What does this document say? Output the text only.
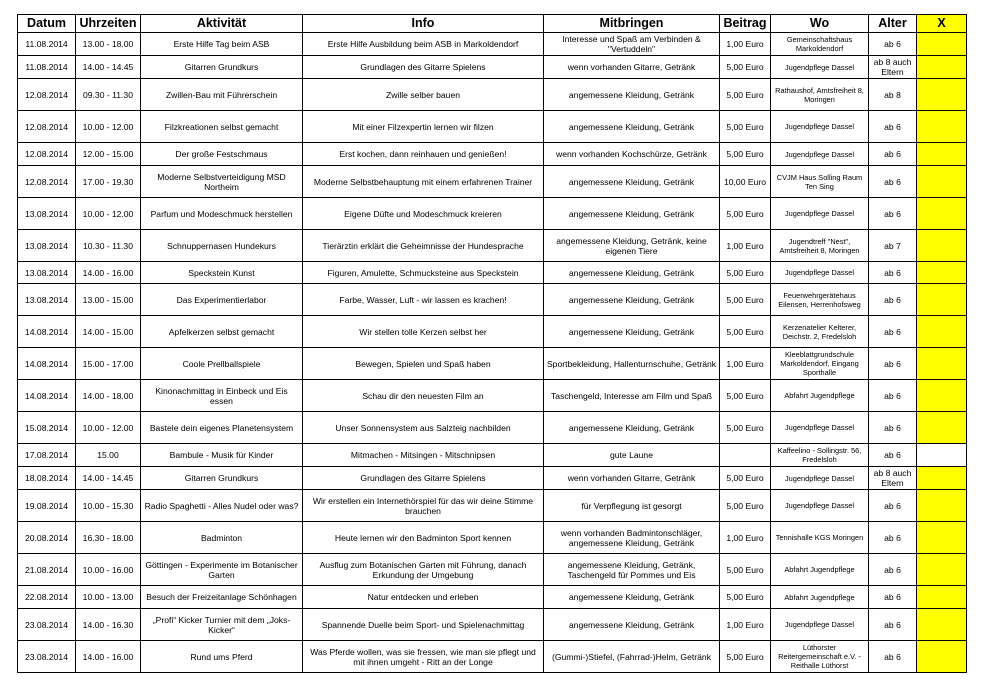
Datum	Uhrzeiten	Aktivität	Info	Mitbringen	Beitrag	Wo	Alter	X
11.08.2014	13.00 - 18.00	Erste Hilfe Tag beim ASB	Erste Hilfe Ausbildung beim ASB in Markoldendorf	Interesse und Spaß am Verbinden & "Vertuddeln"	1,00 Euro	Gemeinschaftshaus Markoldendorf	ab 6	
11.08.2014	14.00 - 14.45	Gitarren Grundkurs	Grundlagen des Gitarre Spielens	wenn vorhanden Gitarre, Getränk	5,00 Euro	Jugendpflege Dassel	ab 8 auch Eltern	
12.08.2014	09.30 - 11.30	Zwillen-Bau mit Führerschein	Zwille selber bauen	angemessene Kleidung, Getränk	5,00 Euro	Rathaushof, Amtsfreiheit 8, Moringen	ab 8	
12.08.2014	10.00 - 12.00	Filzkreationen selbst gemacht	Mit einer Filzexpertin lernen wir filzen	angemessene Kleidung, Getränk	5,00 Euro	Jugendpflege Dassel	ab 6	
12.08.2014	12.00 - 15.00	Der große Festschmaus	Erst kochen, dann reinhauen und genießen!	wenn vorhanden Kochschürze, Getränk	5,00 Euro	Jugendpflege Dassel	ab 6	
12.08.2014	17.00 - 19.30	Moderne Selbstverteidigung MSD Northeim	Moderne Selbstbehauptung mit einem erfahrenen Trainer	angemessene Kleidung, Getränk	10,00 Euro	CVJM Haus Solling Raum Ten Sing	ab 6	
13.08.2014	10.00 - 12.00	Parfum und Modeschmuck herstellen	Eigene Düfte und Modeschmuck kreieren	angemessene Kleidung, Getränk	5,00 Euro	Jugendpflege Dassel	ab 6	
13.08.2014	10.30 - 11.30	Schnuppernasen Hundekurs	Tierärztin erklärt die Geheimnisse der Hundesprache	angemessene Kleidung, Getränk, keine eigenen Tiere	1,00 Euro	Jugendtreff "Nest", Amtsfreiheit 8, Moringen	ab 7	
13.08.2014	14.00 - 16.00	Speckstein Kunst	Figuren, Amulette, Schmucksteine aus Speckstein	angemessene Kleidung, Getränk	5,00 Euro	Jugendpflege Dassel	ab 6	
13.08.2014	13.00 - 15.00	Das Experimentierlabor	Farbe, Wasser, Luft - wir lassen es krachen!	angemessene Kleidung, Getränk	5,00 Euro	Feuerwehrgerätehaus Eilensen, Herrenhofsweg	ab 6	
14.08.2014	14.00 - 15.00	Apfelkerzen selbst gemacht	Wir stellen tolle Kerzen selbst her	angemessene Kleidung, Getränk	5,00 Euro	Kerzenatelier Kelterer, Deichstr. 2, Fredelsloh	ab 6	
14.08.2014	15.00 - 17.00	Coole Prellballspiele	Bewegen, Spielen und Spaß haben	Sportbekleidung, Hallenturnschuhe, Getränk	1,00 Euro	Kleeblattgrundschule Markoldendorf, Eingang Sporthalle	ab 6	
14.08.2014	14.00 - 18.00	Kinonachmittag in Einbeck und Eis essen	Schau dir den neuesten Film an	Taschengeld, Interesse am Film und Spaß	5,00 Euro	Abfahrt Jugendpflege	ab 6	
15.08.2014	10.00 - 12.00	Bastele dein eigenes Planetensystem	Unser Sonnensystem aus Salzteig nachbilden	angemessene Kleidung, Getränk	5,00 Euro	Jugendpflege Dassel	ab 6	
17.08.2014	15.00	Bambule - Musik für Kinder	Mitmachen - Mitsingen - Mitschnipsen	gute Laune		Kaffeelino - Sollingstr. 56, Fredelsloh	ab 6	
18.08.2014	14.00 - 14.45	Gitarren Grundkurs	Grundlagen des Gitarre Spielens	wenn vorhanden Gitarre, Getränk	5,00 Euro	Jugendpflege Dassel	ab 8 auch Eltern	
19.08.2014	10.00 - 15.30	Radio Spaghetti - Alles Nudel oder was?	Wir erstellen ein Internethörspiel für das wir deine Stimme brauchen	für Verpflegung ist gesorgt	5,00 Euro	Jugendpflege Dassel	ab 6	
20.08.2014	16.30 - 18.00	Badminton	Heute lernen wir den Badminton Sport kennen	wenn vorhanden Badmintonschläger, angemessene Kleidung, Getränk	1,00 Euro	Tennishalle KGS Moringen	ab 6	
21.08.2014	10.00 - 16.00	Göttingen - Experimente im Botanischer Garten	Ausflug zum Botanischen Garten mit Führung, danach Erkundung der Umgebung	angemessene Kleidung, Getränk, Taschengeld für Pommes und Eis	5,00 Euro	Abfahrt Jugendpflege	ab 6	
22.08.2014	10.00 - 13.00	Besuch der Freizeitanlage Schönhagen	Natur entdecken und erleben	angemessene Kleidung, Getränk	5,00 Euro	Abfahrt Jugendpflege	ab 6	
23.08.2014	14.00 - 16.30	„Profi“ Kicker Turnier mit dem „Joks-Kicker“	Spannende Duelle beim Sport- und Spielenachmittag	angemessene Kleidung, Getränk	1,00 Euro	Jugendpflege Dassel	ab 6	
23.08.2014	14.00 - 16.00	Rund ums Pferd	Was Pferde wollen, was sie fressen, wie man sie pflegt und mit ihnen umgeht - Ritt an der Longe	(Gummi-)Stiefel, (Fahrrad-)Helm, Getränk	5,00 Euro	Lüthorster Reitergemeinschaft e.V. - Reithalle Lüthorst	ab 6	
